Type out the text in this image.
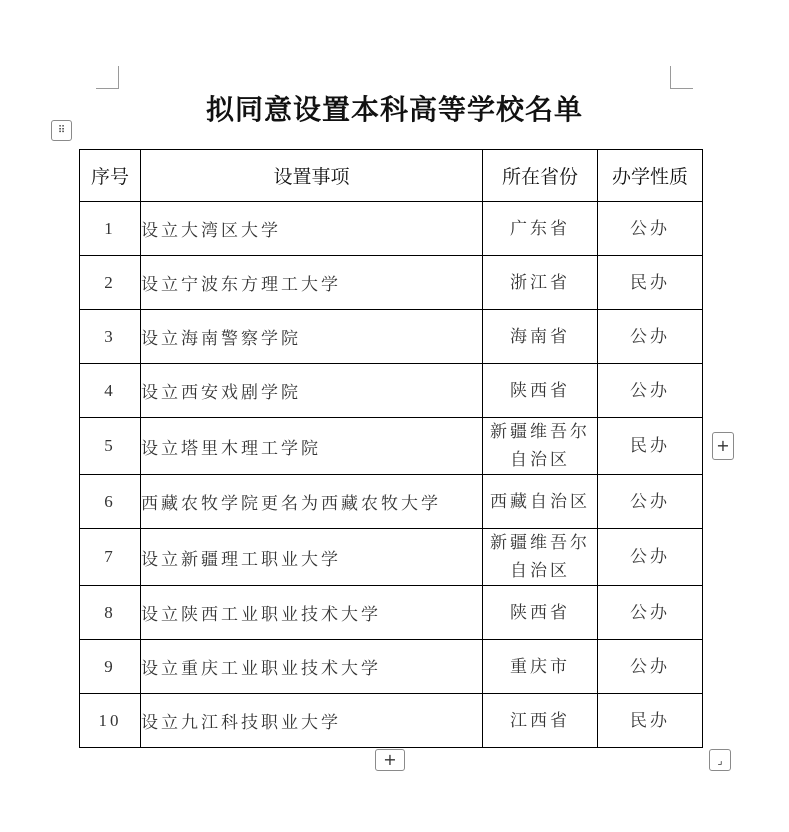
拟同意设置本科高等学校名单
⠿
序号	设置事项	所在省份	办学性质
1	设立大湾区大学	广东省	公办
2	设立宁波东方理工大学	浙江省	民办
3	设立海南警察学院	海南省	公办
4	设立西安戏剧学院	陕西省	公办
5	设立塔里木理工学院	新疆维吾尔自治区	民办
6	西藏农牧学院更名为西藏农牧大学	西藏自治区	公办
7	设立新疆理工职业大学	新疆维吾尔自治区	公办
8	设立陕西工业职业技术大学	陕西省	公办
9	设立重庆工业职业技术大学	重庆市	公办
10	设立九江科技职业大学	江西省	民办
+
+	⌟
